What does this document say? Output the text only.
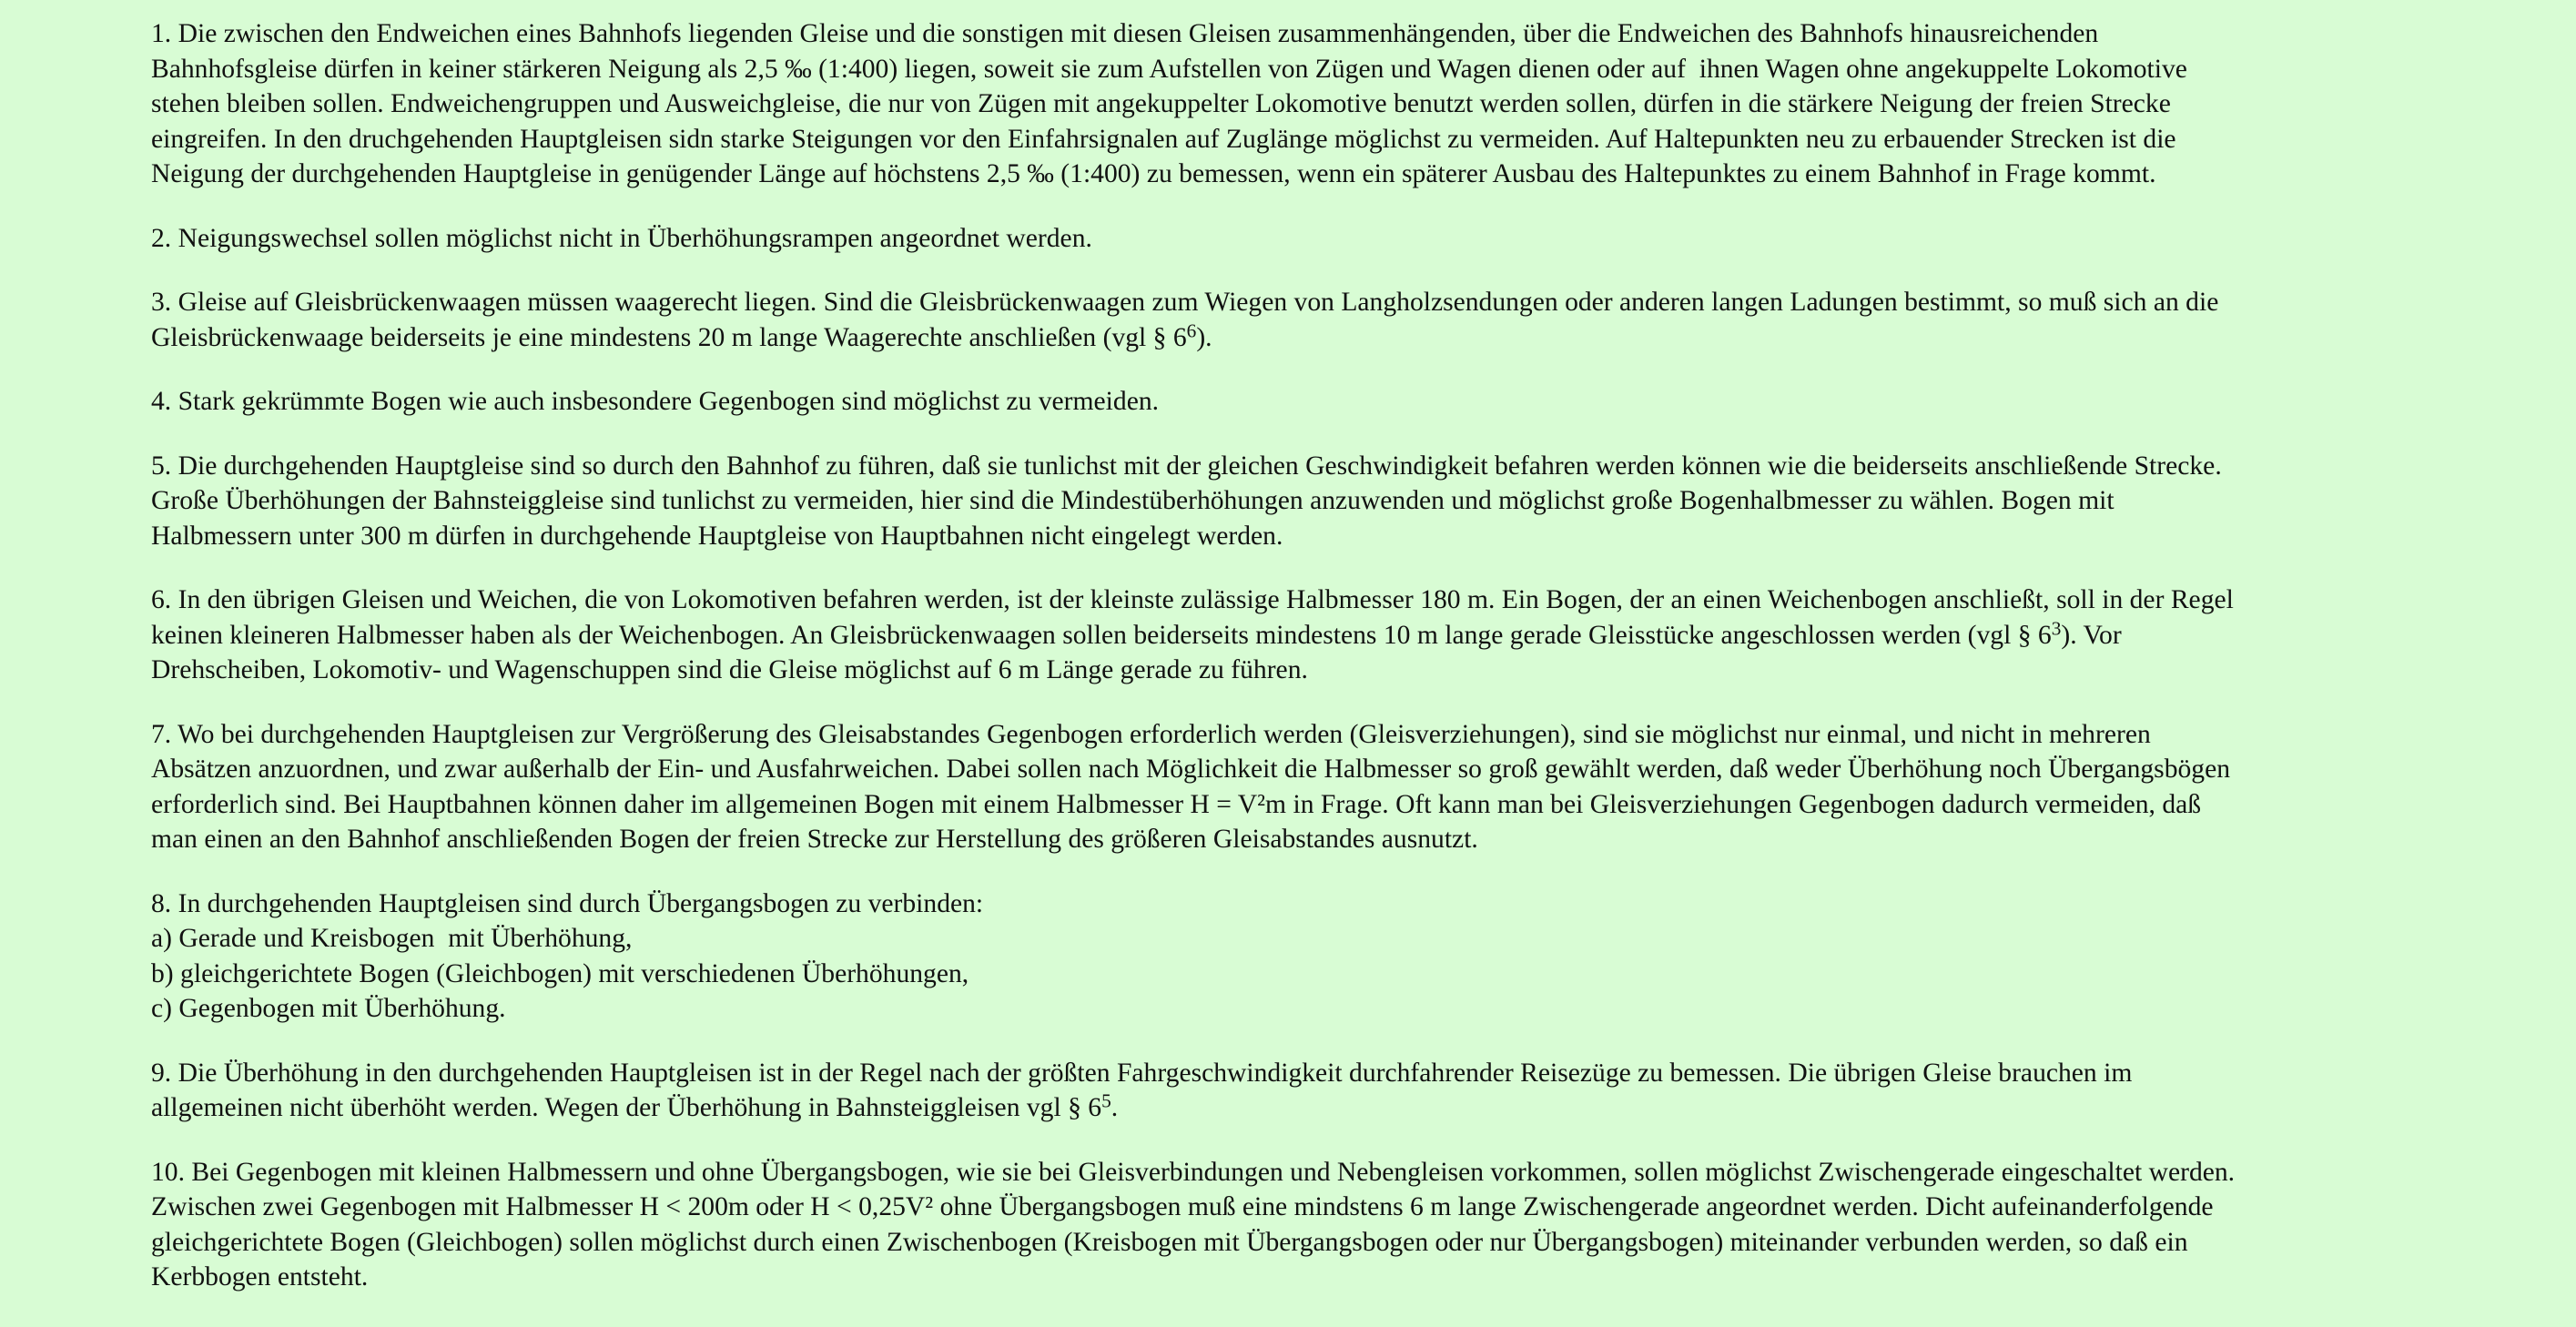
1. Die zwischen den Endweichen eines Bahnhofs liegenden Gleise und die sonstigen mit diesen Gleisen zusammenhängenden, über die Endweichen des Bahnhofs hinausreichenden
Bahnhofsgleise dürfen in keiner stärkeren Neigung als 2,5 ‰ (1:400) liegen, soweit sie zum Aufstellen von Zügen und Wagen dienen oder auf  ihnen Wagen ohne angekuppelte Lokomotive
stehen bleiben sollen. Endweichengruppen und Ausweichgleise, die nur von Zügen mit angekuppelter Lokomotive benutzt werden sollen, dürfen in die stärkere Neigung der freien Strecke
eingreifen. In den druchgehenden Hauptgleisen sidn starke Steigungen vor den Einfahrsignalen auf Zuglänge möglichst zu vermeiden. Auf Haltepunkten neu zu erbauender Strecken ist die
Neigung der durchgehenden Hauptgleise in genügender Länge auf höchstens 2,5 ‰ (1:400) zu bemessen, wenn ein späterer Ausbau des Haltepunktes zu einem Bahnhof in Frage kommt.
2. Neigungswechsel sollen möglichst nicht in Überhöhungsrampen angeordnet werden.
3. Gleise auf Gleisbrückenwaagen müssen waagerecht liegen. Sind die Gleisbrückenwaagen zum Wiegen von Langholzsendungen oder anderen langen Ladungen bestimmt, so muß sich an die
Gleisbrückenwaage beiderseits je eine mindestens 20 m lange Waagerechte anschließen (vgl § $6^6$).
4. Stark gekrümmte Bogen wie auch insbesondere Gegenbogen sind möglichst zu vermeiden.
5. Die durchgehenden Hauptgleise sind so durch den Bahnhof zu führen, daß sie tunlichst mit der gleichen Geschwindigkeit befahren werden können wie die beiderseits anschließende Strecke.
Große Überhöhungen der Bahnsteiggleise sind tunlichst zu vermeiden, hier sind die Mindestüberhöhungen anzuwenden und möglichst große Bogenhalbmesser zu wählen. Bogen mit
Halbmessern unter 300 m dürfen in durchgehende Hauptgleise von Hauptbahnen nicht eingelegt werden.
6. In den übrigen Gleisen und Weichen, die von Lokomotiven befahren werden, ist der kleinste zulässige Halbmesser 180 m. Ein Bogen, der an einen Weichenbogen anschließt, soll in der Regel
keinen kleineren Halbmesser haben als der Weichenbogen. An Gleisbrückenwaagen sollen beiderseits mindestens 10 m lange gerade Gleisstücke angeschlossen werden (vgl § $6^3$). Vor
Drehscheiben, Lokomotiv- und Wagenschuppen sind die Gleise möglichst auf 6 m Länge gerade zu führen.
7. Wo bei durchgehenden Hauptgleisen zur Vergrößerung des Gleisabstandes Gegenbogen erforderlich werden (Gleisverziehungen), sind sie möglichst nur einmal, und nicht in mehreren
Absätzen anzuordnen, und zwar außerhalb der Ein- und Ausfahrweichen. Dabei sollen nach Möglichkeit die Halbmesser so groß gewählt werden, daß weder Überhöhung noch Übergangsbögen
erforderlich sind. Bei Hauptbahnen können daher im allgemeinen Bogen mit einem Halbmesser H = V²m in Frage. Oft kann man bei Gleisverziehungen Gegenbogen dadurch vermeiden, daß
man einen an den Bahnhof anschließenden Bogen der freien Strecke zur Herstellung des größeren Gleisabstandes ausnutzt.
8. In durchgehenden Hauptgleisen sind durch Übergangsbogen zu verbinden:
a) Gerade und Kreisbogen  mit Überhöhung,
b) gleichgerichtete Bogen (Gleichbogen) mit verschiedenen Überhöhungen,
c) Gegenbogen mit Überhöhung.
9. Die Überhöhung in den durchgehenden Hauptgleisen ist in der Regel nach der größten Fahrgeschwindigkeit durchfahrender Reisezüge zu bemessen. Die übrigen Gleise brauchen im
allgemeinen nicht überhöht werden. Wegen der Überhöhung in Bahnsteiggleisen vgl § $6^5$.
10. Bei Gegenbogen mit kleinen Halbmessern und ohne Übergangsbogen, wie sie bei Gleisverbindungen und Nebengleisen vorkommen, sollen möglichst Zwischengerade eingeschaltet werden.
Zwischen zwei Gegenbogen mit Halbmesser H < 200m oder H < 0,25V² ohne Übergangsbogen muß eine mindstens 6 m lange Zwischengerade angeordnet werden. Dicht aufeinanderfolgende
gleichgerichtete Bogen (Gleichbogen) sollen möglichst durch einen Zwischenbogen (Kreisbogen mit Übergangsbogen oder nur Übergangsbogen) miteinander verbunden werden, so daß ein
Kerbbogen entsteht.
